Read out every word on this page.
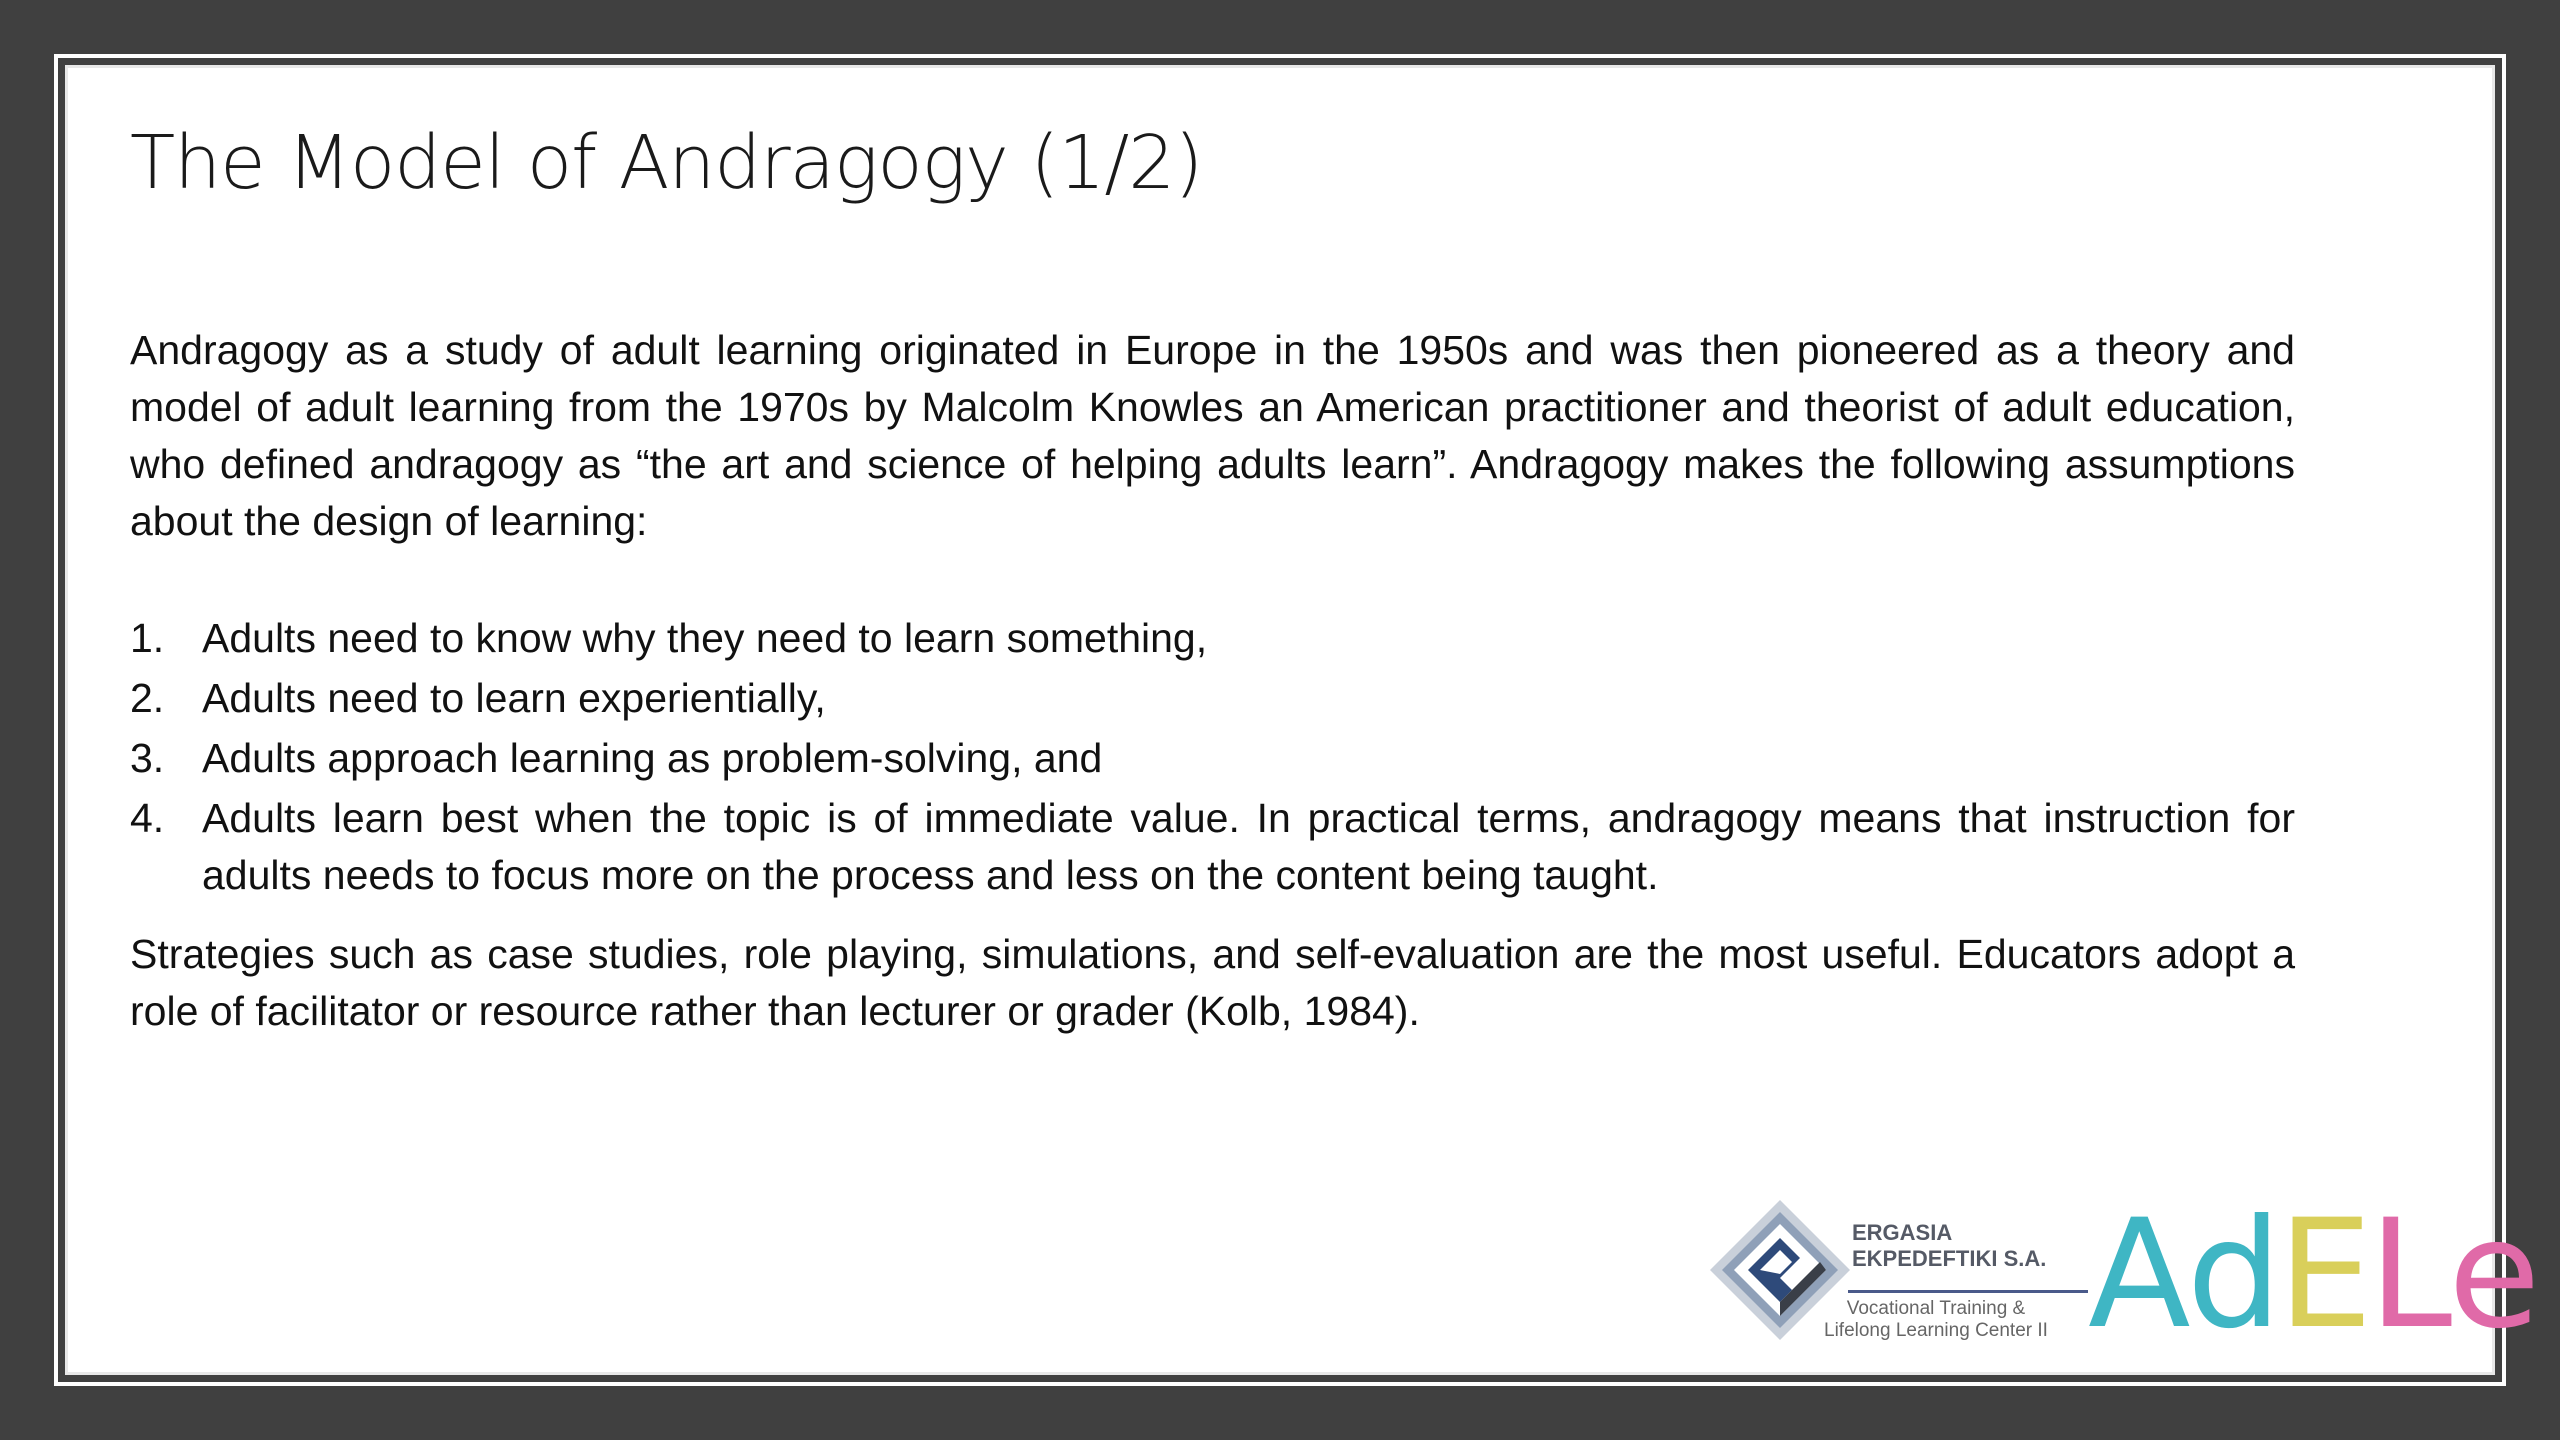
The Model of Andragogy (1/2)

Andragogy as a study of adult learning originated in Europe in the 1950s and was then pioneered as a theory and model of adult learning from the 1970s by Malcolm Knowles an American practitioner and theorist of adult education, who defined andragogy as “the art and science of helping adults learn”. Andragogy makes the following assumptions about the design of learning:

1. Adults need to know why they need to learn something,
2. Adults need to learn experientially,
3. Adults approach learning as problem-solving, and
4. Adults learn best when the topic is of immediate value. In practical terms, andragogy means that instruction for adults needs to focus more on the process and less on the content being taught.

Strategies such as case studies, role playing, simulations, and self-evaluation are the most useful. Educators adopt a role of facilitator or resource rather than lecturer or grader (Kolb, 1984).

ERGASIA
EKPEDEFTIKI S.A.
Vocational Training &
Lifelong Learning Center II AdELe
